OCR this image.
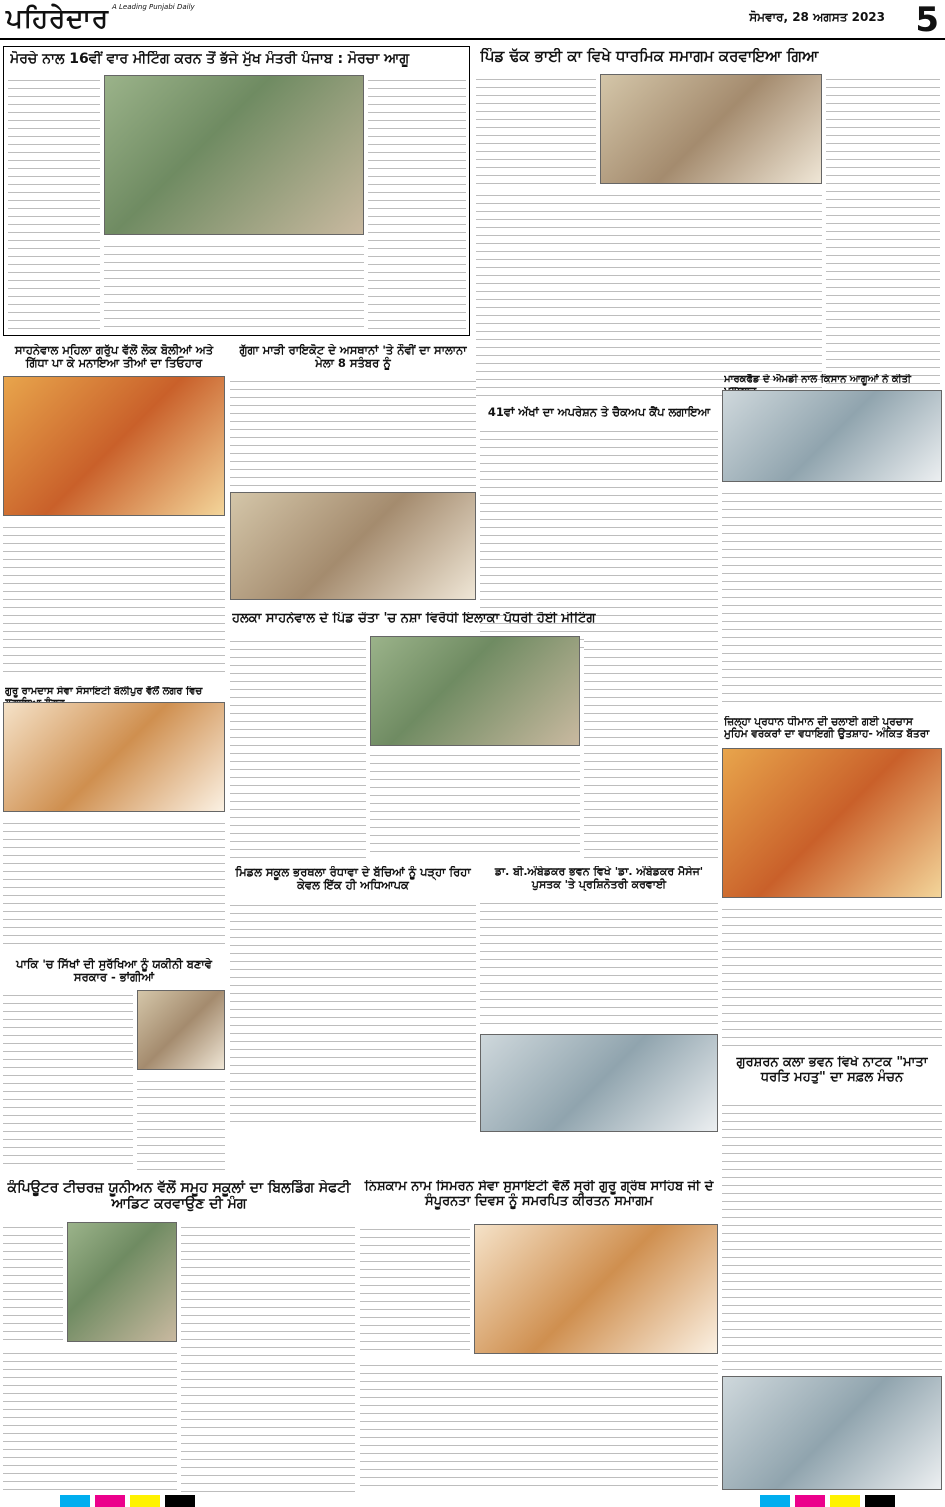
ਪਹਿਰੇਦਾਰ A Leading Punjabi Daily
ਸੋਮਵਾਰ, 28 ਅਗਸਤ 2023 5
ਮੋਰਚੇ ਨਾਲ 16ਵੀਂ ਵਾਰ ਮੀਟਿੰਗ ਕਰਨ ਤੋਂ ਭੱਜੇ ਮੁੱਖ ਮੰਤਰੀ ਪੰਜਾਬ : ਮੋਰਚਾ ਆਗੂ	ਪਿੰਡ ਢੱਕ ਭਾਈ ਕਾ ਵਿਖੇ ਧਾਰਮਿਕ ਸਮਾਗਮ ਕਰਵਾਇਆ ਗਿਆ
ਸਾਹਨੇਵਾਲ ਮਹਿਲਾ ਗਰੁੱਪ ਵੱਲੋਂ ਲੋਕ ਬੋਲੀਆਂ ਅਤੇ ਗਿੱਧਾ ਪਾ ਕੇ ਮਨਾਇਆ ਤੀਆਂ ਦਾ ਤਿਓਹਾਰ
ਗੁੱਗਾ ਮਾੜੀ ਰਾਇਕੋਟ ਦੇ ਅਸਥਾਨਾਂ 'ਤੇ ਨੌਵੀਂ ਦਾ ਸਾਲਾਨਾ ਮੇਲਾ 8 ਸਤੰਬਰ ਨੂੰ
41ਵਾਂ ਅੱਖਾਂ ਦਾ ਅਪਰੇਸ਼ਨ ਤੇ ਚੈਕਅਪ ਕੈਂਪ ਲਗਾਇਆ
ਮਾਰਕਫੈੱਡ ਦੇ ਐਮਡੀ ਨਾਲ ਕਿਸਾਨ ਆਗੂਆਂ ਨੇ ਕੀਤੀ
ਹਲਕਾ ਸਾਹਨੇਵਾਲ ਦੇ ਪਿੰਡ ਚੌਤਾ 'ਚ ਨਸ਼ਾ ਵਿਰੋਧੀ ਇਲਾਕਾ ਪੱਧਰੀ ਹੋਈ ਮੀਟਿੰਗ
ਗੁਰੂ ਰਾਮਦਾਸ ਸੇਵਾ ਸੋਸਾਇਟੀ ਬੋਲੀਪੁਰ ਵੱਲੋਂ ਲਗਰ ਵਿਚ
ਜ਼ਿਲ੍ਹਾ ਪ੍ਰਧਾਨ ਧੀਮਾਨ ਦੀ ਚਲਾਈ ਗਈ ਪ੍ਰਚਾਸ ਮੁਹਿਮ ਵਰਕਰਾਂ ਦਾ ਵਧਾਇਗੀ ਉਤਸ਼ਾਹ- ਅੰਕਿਤ ਬੱਤਰਾ
ਮਿਡਲ ਸਕੂਲ ਭਰਥਲਾ ਰੰਧਾਵਾ ਦੇ ਬੱਚਿਆਂ ਨੂੰ ਪੜ੍ਹਾ ਰਿਹਾ ਕੇਵਲ ਇੱਕ ਹੀ ਅਧਿਆਪਕ
ਡਾ. ਬੀ.ਅੰਬੇਡਕਰ ਭਵਨ ਵਿਖੇ 'ਡਾ. ਅੰਬੇਡਕਰ ਮੈਸੇਜ' ਪੁਸਤਕ 'ਤੇ ਪ੍ਰਸ਼ਿਨੋਤਰੀ ਕਰਵਾਈ
ਪਾਕਿ 'ਚ ਸਿੱਖਾਂ ਦੀ ਸੁਰੱਖਿਆ ਨੂੰ ਯਕੀਨੀ ਬਣਾਵੇ ਸਰਕਾਰ - ਭਾਂਗੀਆਂ
ਗੁਰਸ਼ਰਨ ਕਲਾ ਭਵਨ ਵਿਖੇ ਨਾਟਕ "ਮਾਤਾ ਧਰਤਿ ਮਹਤੁ" ਦਾ ਸਫ਼ਲ ਮੰਚਨ
ਕੰਪਿਊਟਰ ਟੀਚਰਜ਼ ਯੂਨੀਅਨ ਵੱਲੋਂ ਸਮੂਹ ਸਕੂਲਾਂ ਦਾ ਬਿਲਡਿੰਗ ਸੇਫਟੀ ਆਡਿਟ ਕਰਵਾਉਣ ਦੀ ਮੰਗ
ਨਿਸ਼ਕਾਮ ਨਾਮ ਸਿਮਰਨ ਸੇਵਾ ਸੁਸਾਇਟੀ ਵੱਲੋਂ ਸ੍ਰੀ ਗੁਰੂ ਗ੍ਰੰਥ ਸਾਹਿਬ ਜੀ ਦੇ ਸੰਪੂਰਨਤਾ ਦਿਵਸ ਨੂੰ ਸਮਰਪਿਤ ਕੀਰਤਨ ਸਮਾਗਮ
